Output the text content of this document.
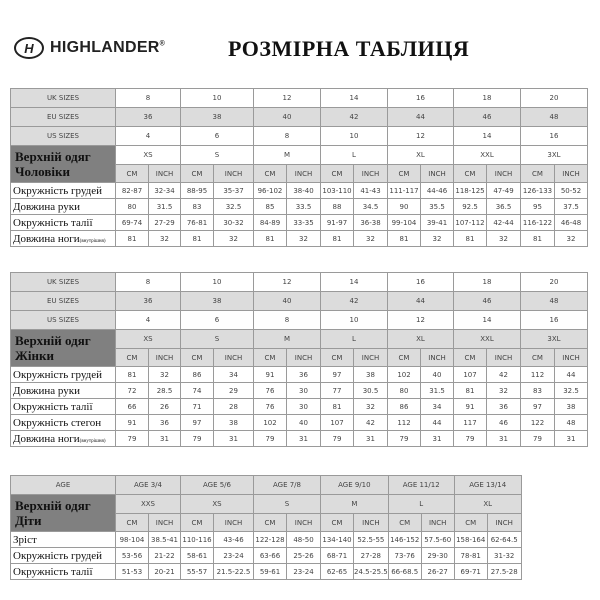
H	HIGHLANDER®	РОЗМІРНА ТАБЛИЦЯ
UK SIZES	8		10		12		14		16		18		20	
EU SIZES	36		38		40		42		44		46		48	
US SIZES	4		6		8		10		12		14		16	
Верхній одяг Чоловіки	XS		S		M		L		XL		XXL		3XL	
	CM	INCH	CM	INCH	CM	INCH	CM	INCH	CM	INCH	CM	INCH	CM	INCH
Окружність грудей	82-87	32-34	88-95	35-37	96-102	38-40	103-110	41-43	111-117	44-46	118-125	47-49	126-133	50-52
Довжина руки	80	31.5	83	32.5	85	33.5	88	34.5	90	35.5	92.5	36.5	95	37.5
Окружність талії	69-74	27-29	76-81	30-32	84-89	33-35	91-97	36-38	99-104	39-41	107-112	42-44	116-122	46-48
Довжина ноги(внутрішня)	81	32	81	32	81	32	81	32	81	32	81	32	81	32
UK SIZES	8		10		12		14		16		18		20	
EU SIZES	36		38		40		42		44		46		48	
US SIZES	4		6		8		10		12		14		16	
Верхній одяг Жінки	XS		S		M		L		XL		XXL		3XL	
	CM	INCH	CM	INCH	CM	INCH	CM	INCH	CM	INCH	CM	INCH	CM	INCH
Окружність грудей	81	32	86	34	91	36	97	38	102	40	107	42	112	44
Довжина руки	72	28.5	74	29	76	30	77	30.5	80	31.5	81	32	83	32.5
Окружність талії	66	26	71	28	76	30	81	32	86	34	91	36	97	38
Окружність стегон	91	36	97	38	102	40	107	42	112	44	117	46	122	48
Довжина ноги(внутрішня)	79	31	79	31	79	31	79	31	79	31	79	31	79	31
AGE	AGE 3/4		AGE 5/6		AGE 7/8		AGE 9/10		AGE 11/12		AGE 13/14	
Верхній одяг Діти	XXS		XS		S		M		L		XL	
	CM	INCH	CM	INCH	CM	INCH	CM	INCH	CM	INCH	CM	INCH
Зріст	98-104	38.5-41	110-116	43-46	122-128	48-50	134-140	52.5-55	146-152	57.5-60	158-164	62-64.5
Окружність грудей	53-56	21-22	58-61	23-24	63-66	25-26	68-71	27-28	73-76	29-30	78-81	31-32
Окружність талії	51-53	20-21	55-57	21.5-22.5	59-61	23-24	62-65	24.5-25.5	66-68.5	26-27	69-71	27.5-28
